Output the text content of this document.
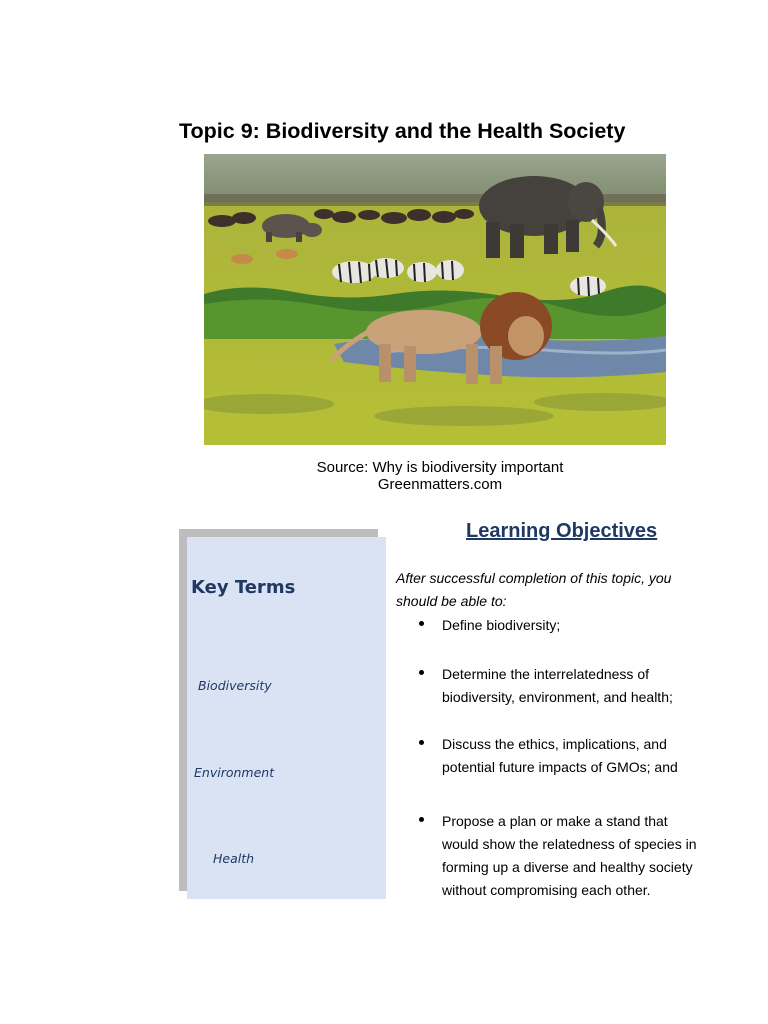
Topic 9: Biodiversity and the Health Society
Source: Why is biodiversity important
Greenmatters.com
Key Terms
Biodiversity
Environment
Health
Learning Objectives
After successful completion of this topic, you should be able to:
Define biodiversity;
Determine the interrelatedness of biodiversity, environment, and health;
Discuss the ethics, implications, and potential future impacts of GMOs; and
Propose a plan or make a stand that would show the relatedness of species in forming up a diverse and healthy society without compromising each other.
